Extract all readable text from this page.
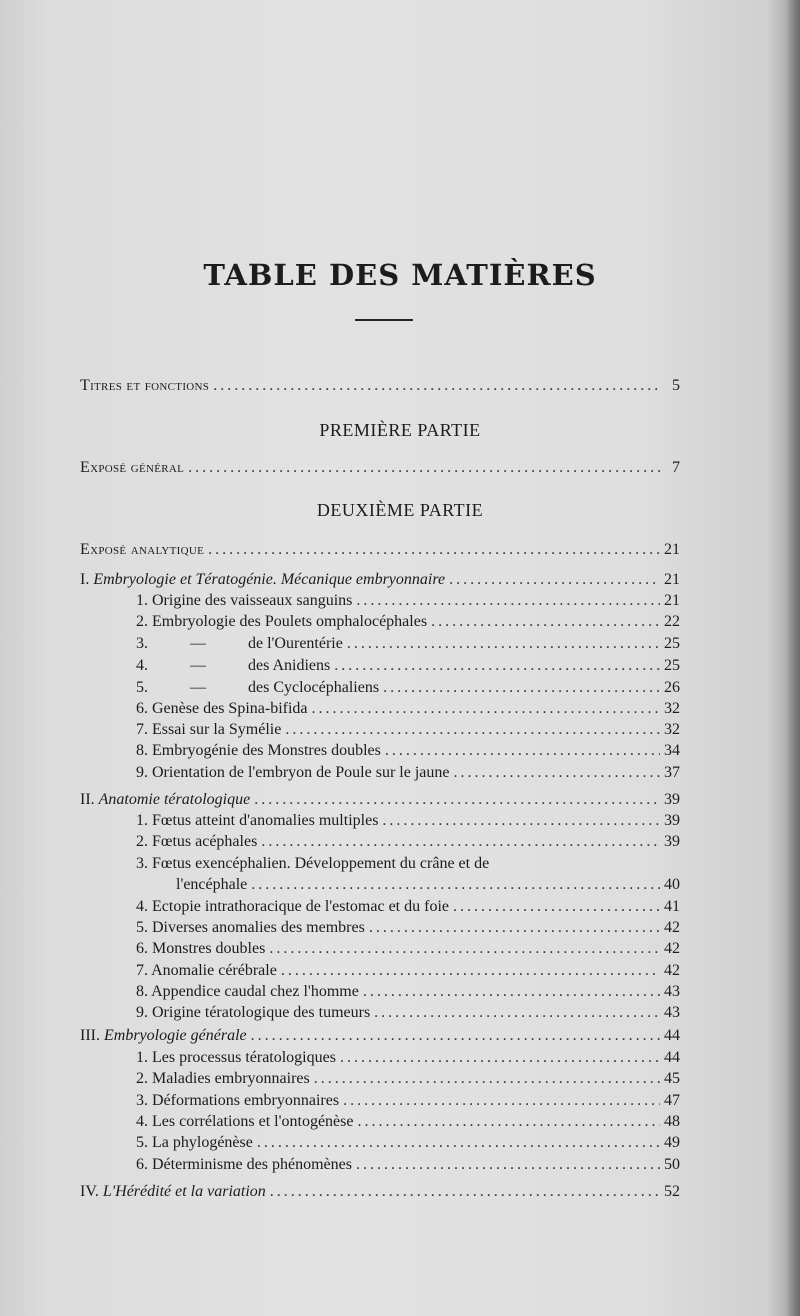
TABLE DES MATIÈRES
Titres et fonctions .....	5
PREMIÈRE PARTIE
Exposé général .....	7
DEUXIÈME PARTIE
Exposé analytique .....	21
I. Embryologie et Tératogénie. Mécanique embryonnaire .....	21
1. Origine des vaisseaux sanguins .....	21
2. Embryologie des Poulets omphalocéphales .....	22
3.	—	de l'Ourentérie .....	25
4.	—	des Anidiens .....	25
5.	—	des Cyclocéphaliens .....	26
6. Genèse des Spina-bifida .....	32
7. Essai sur la Symélie .....	32
8. Embryogénie des Monstres doubles .....	34
9. Orientation de l'embryon de Poule sur le jaune .....	37
II. Anatomie tératologique .....	39
1. Fœtus atteint d'anomalies multiples .....	39
2. Fœtus acéphales .....	39
3. Fœtus exencéphalien. Développement du crâne et de
l'encéphale .....	40
4. Ectopie intrathoracique de l'estomac et du foie .....	41
5. Diverses anomalies des membres .....	42
6. Monstres doubles .....	42
7. Anomalie cérébrale .....	42
8. Appendice caudal chez l'homme .....	43
9. Origine tératologique des tumeurs .....	43
III. Embryologie générale .....	44
1. Les processus tératologiques .....	44
2. Maladies embryonnaires .....	45
3. Déformations embryonnaires .....	47
4. Les corrélations et l'ontogénèse .....	48
5. La phylogénèse .....	49
6. Déterminisme des phénomènes .....	50
IV. L'Hérédité et la variation .....	52
